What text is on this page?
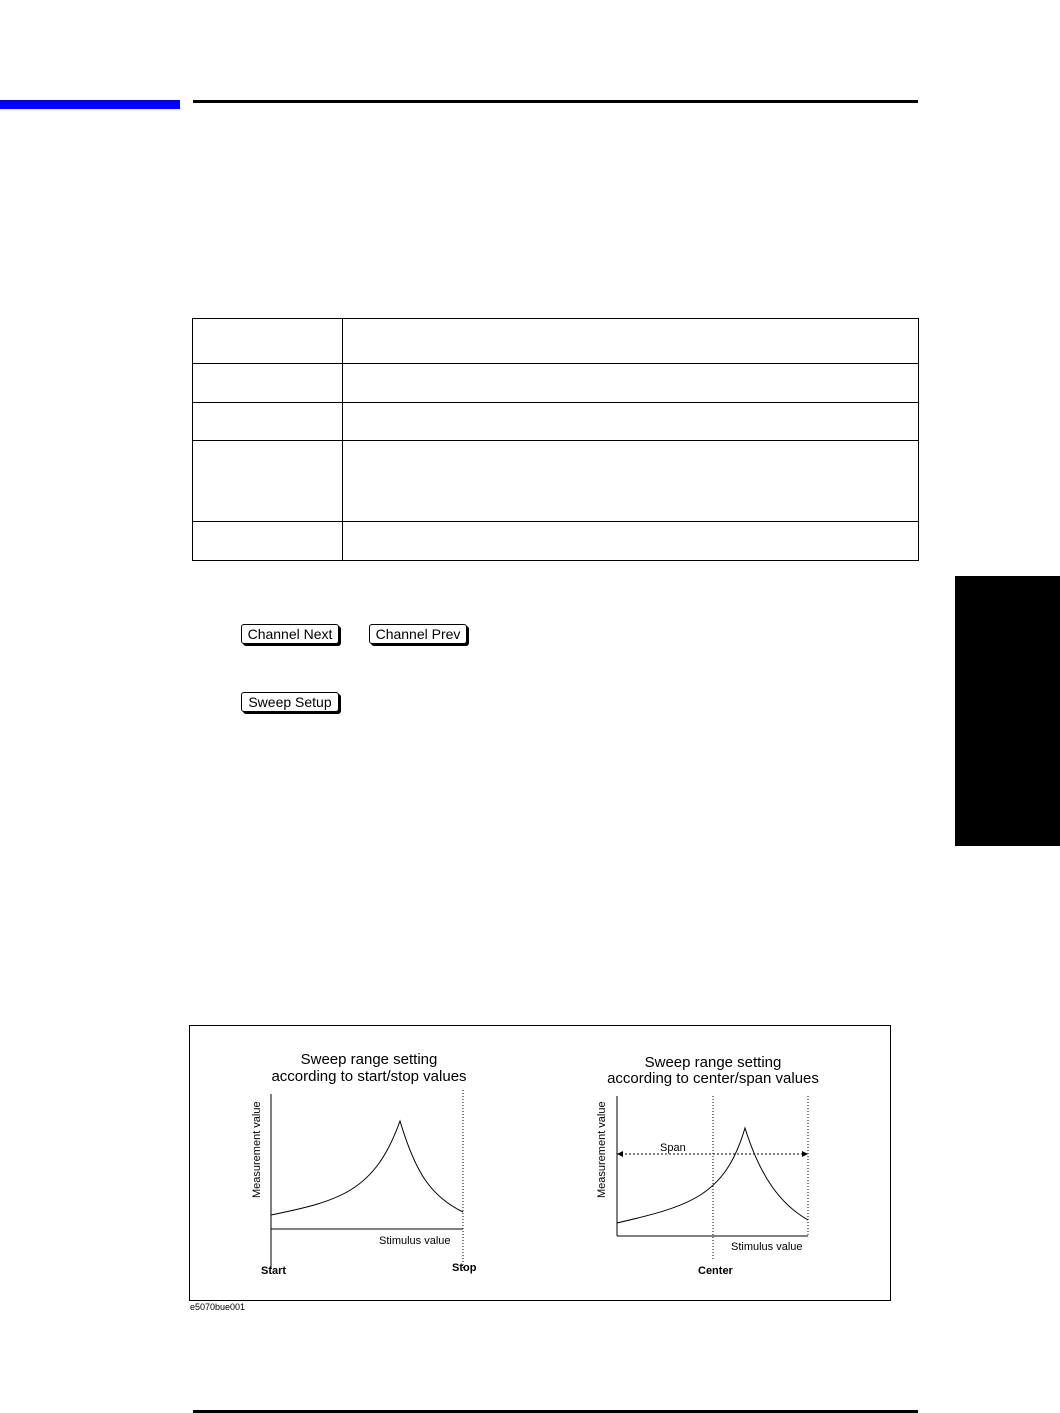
Channel Next	Channel Prev
Sweep Setup
Sweep range setting
according to start/stop values
Measurement value
Stimulus value
Start	Stop
Sweep range setting
according to center/span values
Measurement value	Span
Stimulus value
Center
e5070bue001
